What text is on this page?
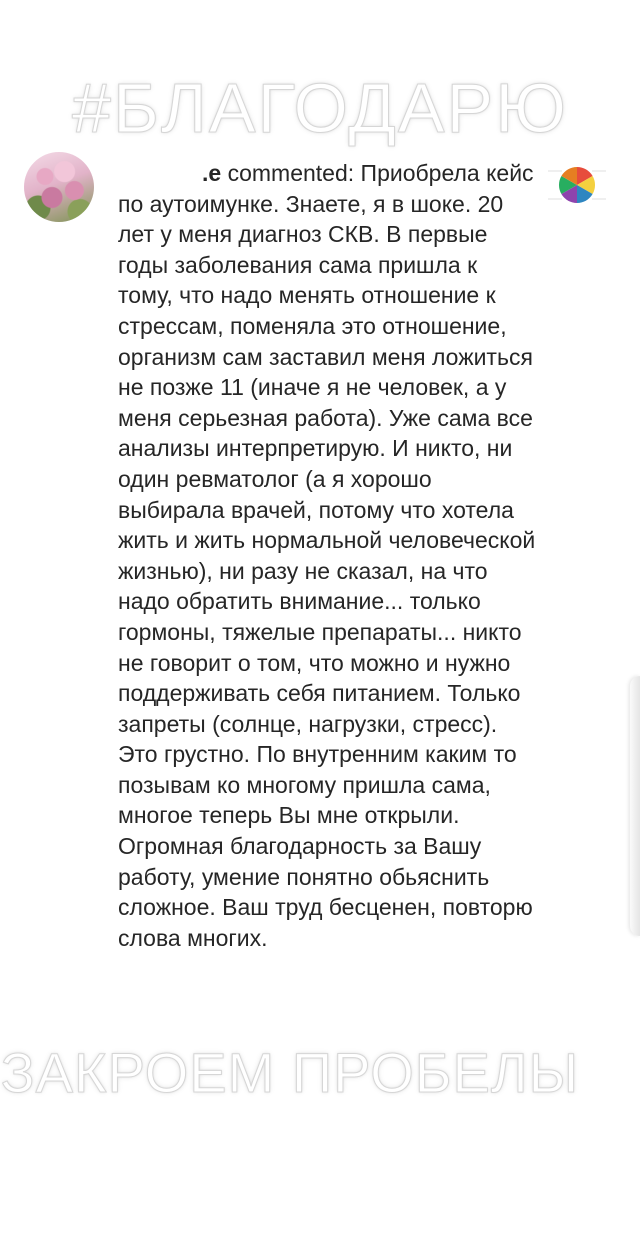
#БЛАГОДАРЮ
.e commented: Приобрела кейс по аутоимунке. Знаете, я в шоке. 20 лет у меня диагноз СКВ. В первые годы заболевания сама пришла к тому, что надо менять отношение к стрессам, поменяла это отношение, организм сам заставил меня ложиться не позже 11 (иначе я не человек, а у меня серьезная работа). Уже сама все анализы интерпретирую. И никто, ни один ревматолог (а я хорошо выбирала врачей, потому что хотела жить и жить нормальной человеческой жизнью), ни разу не сказал, на что надо обратить внимание... только гормоны, тяжелые препараты... никто не говорит о том, что можно и нужно поддерживать себя питанием. Только запреты (солнце, нагрузки, стресс). Это грустно. По внутренним каким то позывам ко многому пришла сама, многое теперь Вы мне открыли. Огромная благодарность за Вашу работу, умение понятно обьяснить сложное. Ваш труд бесценен, повторю слова многих.
ЗАКРОЕМ ПРОБЕЛЫ
